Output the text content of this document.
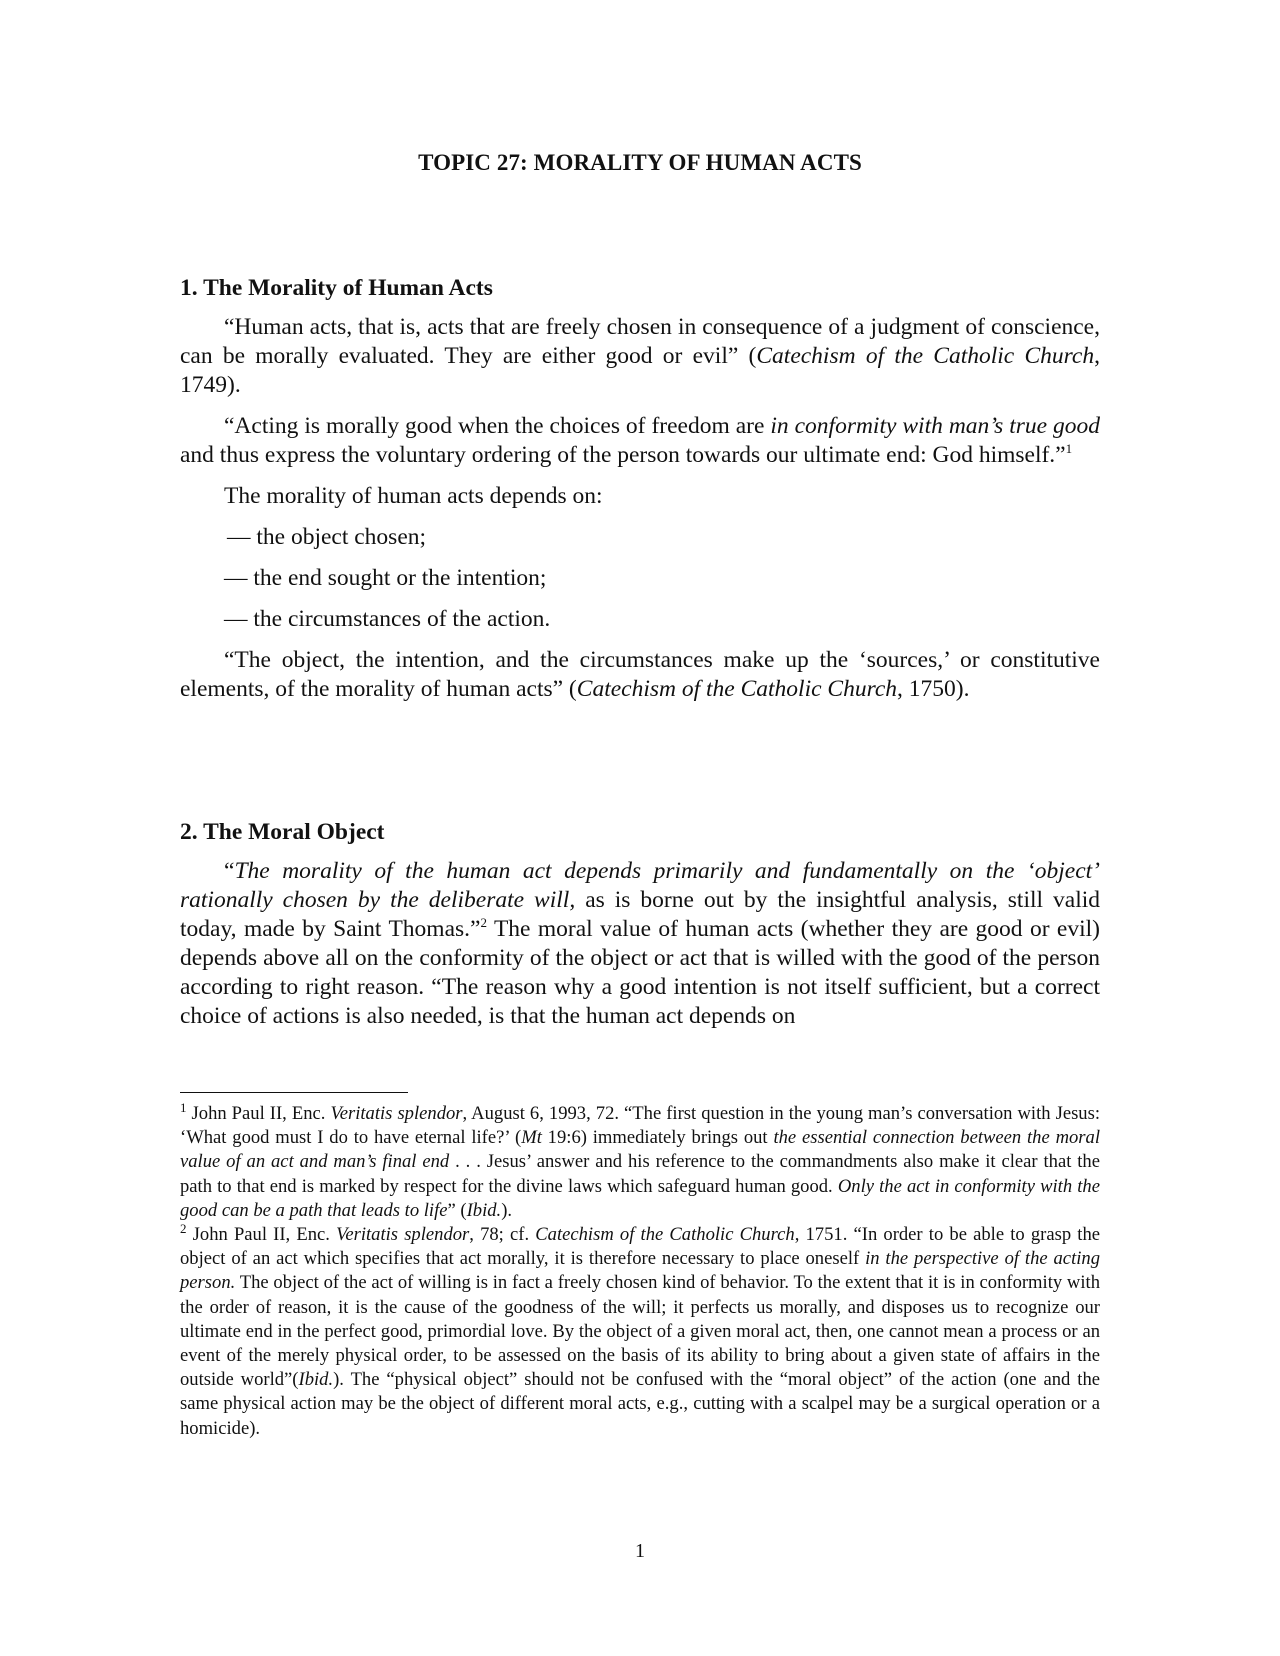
TOPIC 27: MORALITY OF HUMAN ACTS
1. The Morality of Human Acts

“Human acts, that is, acts that are freely chosen in consequence of a judgment of conscience, can be morally evaluated. They are either good or evil” (Catechism of the Catholic Church, 1749).

“Acting is morally good when the choices of freedom are in conformity with man’s true good and thus express the voluntary ordering of the person towards our ultimate end: God himself.”$^1$

The morality of human acts depends on:

— the object chosen;
— the end sought or the intention;
— the circumstances of the action.

“The object, the intention, and the circumstances make up the ‘sources,’ or constitutive elements, of the morality of human acts” (Catechism of the Catholic Church, 1750).

2. The Moral Object

“The morality of the human act depends primarily and fundamentally on the ‘object’ rationally chosen by the deliberate will, as is borne out by the insightful analysis, still valid today, made by Saint Thomas.”$^2$ The moral value of human acts (whether they are good or evil) depends above all on the conformity of the object or act that is willed with the good of the person according to right reason. “The reason why a good intention is not itself sufficient, but a correct choice of actions is also needed, is that the human act depends on

$^1$ John Paul II, Enc. Veritatis splendor, August 6, 1993, 72. “The first question in the young man’s conversation with Jesus: ‘What good must I do to have eternal life?’ (Mt 19:6) immediately brings out the essential connection between the moral value of an act and man’s final end . . . Jesus’ answer and his reference to the commandments also make it clear that the path to that end is marked by respect for the divine laws which safeguard human good. Only the act in conformity with the good can be a path that leads to life” (Ibid.).

$^2$ John Paul II, Enc. Veritatis splendor, 78; cf. Catechism of the Catholic Church, 1751. “In order to be able to grasp the object of an act which specifies that act morally, it is therefore necessary to place oneself in the perspective of the acting person. The object of the act of willing is in fact a freely chosen kind of behavior. To the extent that it is in conformity with the order of reason, it is the cause of the goodness of the will; it perfects us morally, and disposes us to recognize our ultimate end in the perfect good, primordial love. By the object of a given moral act, then, one cannot mean a process or an event of the merely physical order, to be assessed on the basis of its ability to bring about a given state of affairs in the outside world”(Ibid.). The “physical object” should not be confused with the “moral object” of the action (one and the same physical action may be the object of different moral acts, e.g., cutting with a scalpel may be a surgical operation or a homicide).

1
